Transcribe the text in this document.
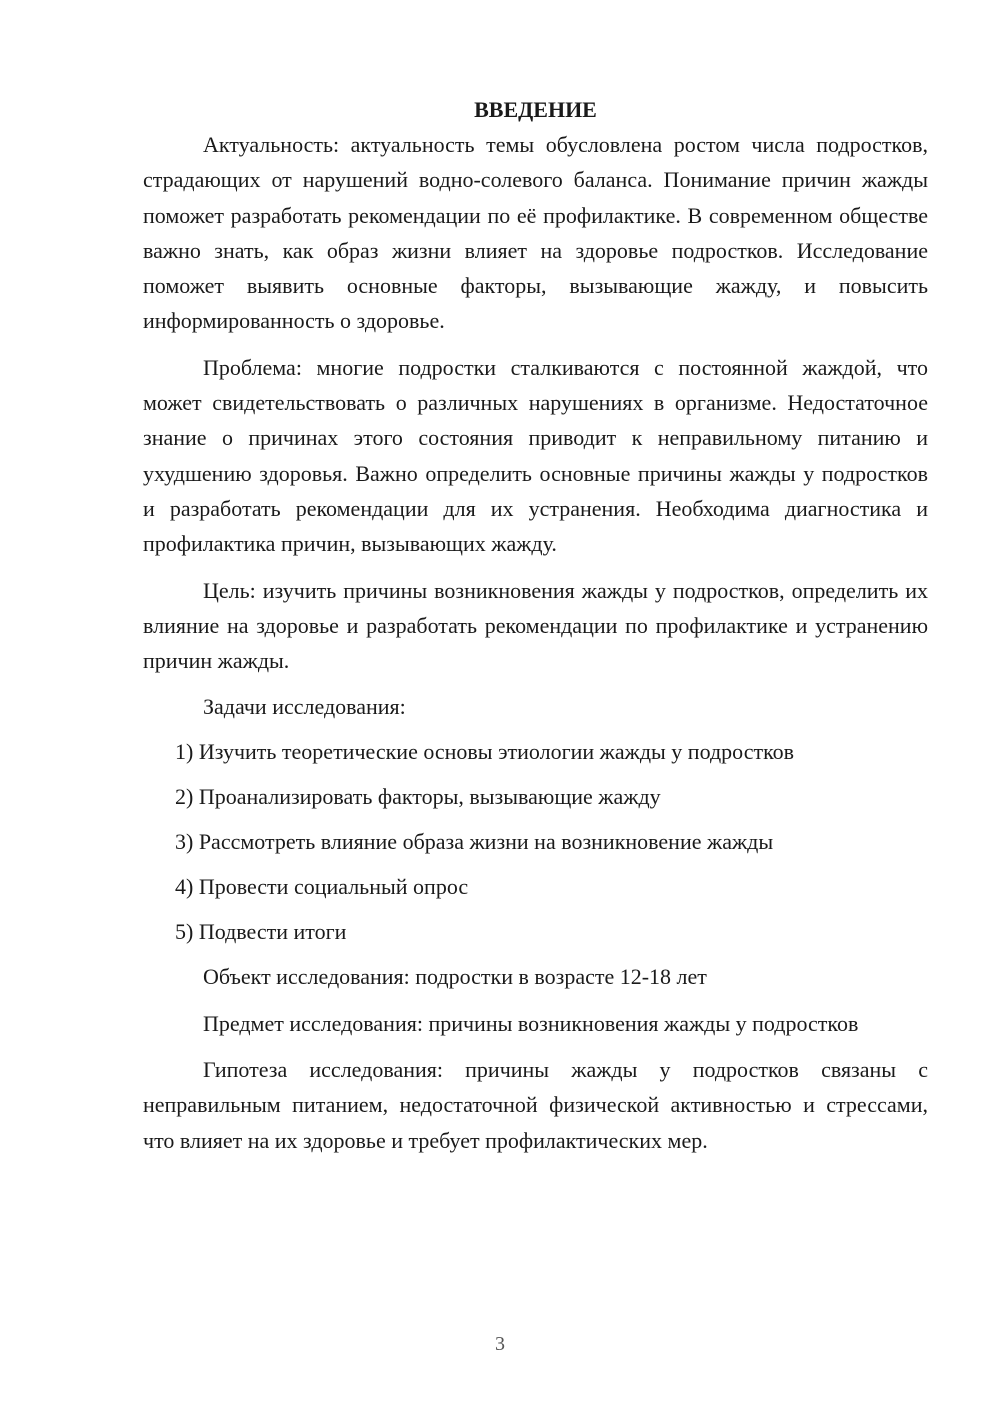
ВВЕДЕНИЕ

Актуальность: актуальность темы обусловлена ростом числа подростков, страдающих от нарушений водно-солевого баланса. Понимание причин жажды поможет разработать рекомендации по её профилактике. В современном обществе важно знать, как образ жизни влияет на здоровье подростков. Исследование поможет выявить основные факторы, вызывающие жажду, и повысить информированность о здоровье.

Проблема: многие подростки сталкиваются с постоянной жаждой, что может свидетельствовать о различных нарушениях в организме. Недостаточное знание о причинах этого состояния приводит к неправильному питанию и ухудшению здоровья. Важно определить основные причины жажды у подростков и разработать рекомендации для их устранения. Необходима диагностика и профилактика причин, вызывающих жажду.

Цель: изучить причины возникновения жажды у подростков, определить их влияние на здоровье и разработать рекомендации по профилактике и устранению причин жажды.

Задачи исследования:

1) Изучить теоретические основы этиологии жажды у подростков
2) Проанализировать факторы, вызывающие жажду
3) Рассмотреть влияние образа жизни на возникновение жажды
4) Провести социальный опрос
5) Подвести итоги

Объект исследования: подростки в возрасте 12-18 лет

Предмет исследования: причины возникновения жажды у подростков

Гипотеза исследования: причины жажды у подростков связаны с неправильным питанием, недостаточной физической активностью и стрессами, что влияет на их здоровье и требует профилактических мер.

3
